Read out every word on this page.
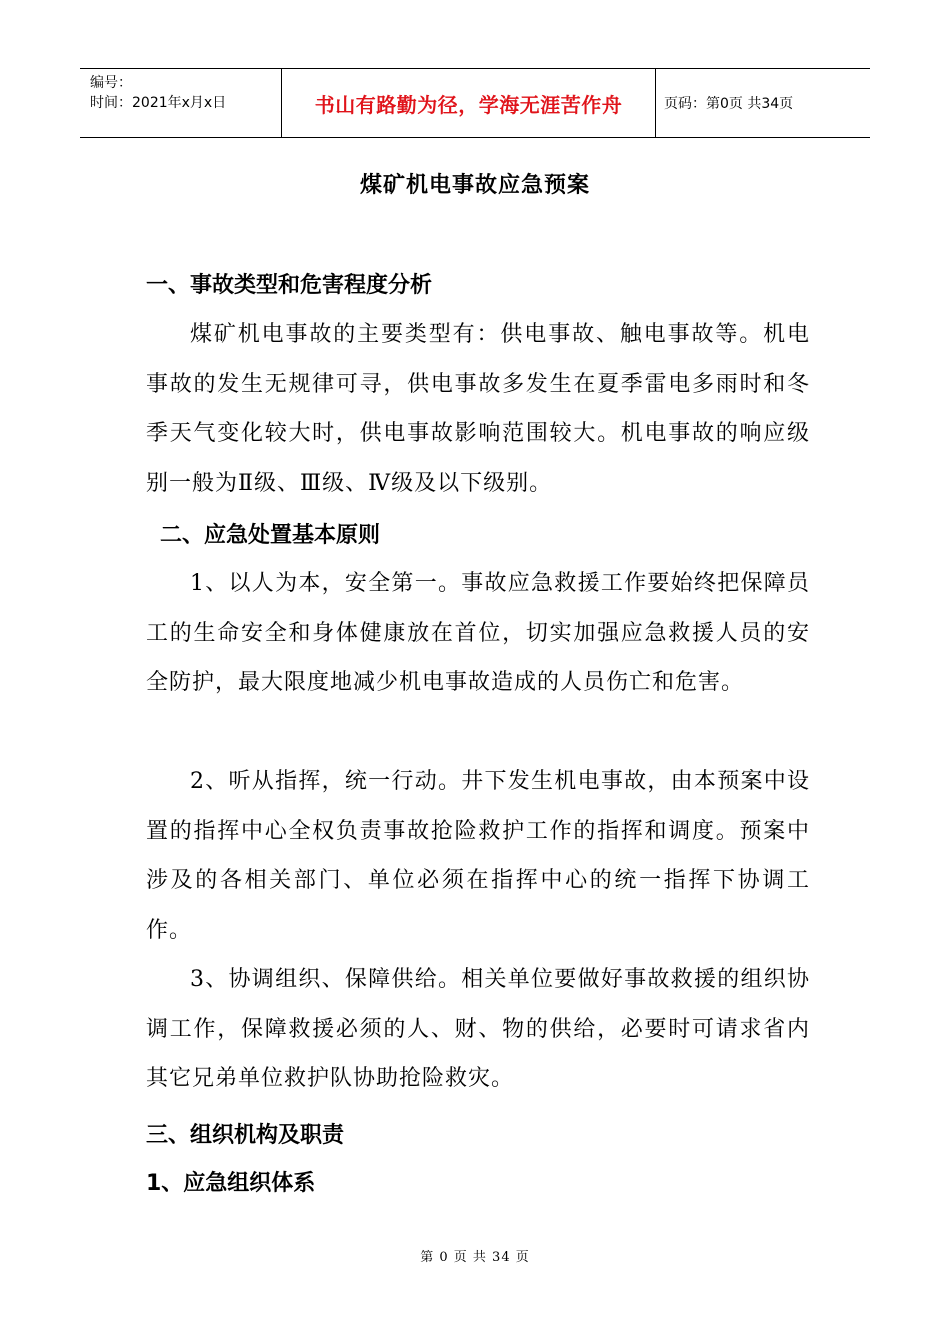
编号：
时间：2021年x月x日	书山有路勤为径，学海无涯苦作舟	页码：第0页 共34页
煤矿机电事故应急预案
一、事故类型和危害程度分析

煤矿机电事故的主要类型有：供电事故、触电事故等。机电事故的发生无规律可寻，供电事故多发生在夏季雷电多雨时和冬季天气变化较大时，供电事故影响范围较大。机电事故的响应级别一般为Ⅱ级、Ⅲ级、Ⅳ级及以下级别。

二、应急处置基本原则

1、以人为本，安全第一。事故应急救援工作要始终把保障员工的生命安全和身体健康放在首位，切实加强应急救援人员的安全防护，最大限度地减少机电事故造成的人员伤亡和危害。

2、听从指挥，统一行动。井下发生机电事故，由本预案中设置的指挥中心全权负责事故抢险救护工作的指挥和调度。预案中涉及的各相关部门、单位必须在指挥中心的统一指挥下协调工作。

3、协调组织、保障供给。相关单位要做好事故救援的组织协调工作，保障救援必须的人、财、物的供给，必要时可请求省内其它兄弟单位救护队协助抢险救灾。

三、组织机构及职责
1、应急组织体系
第 0 页 共 34 页
